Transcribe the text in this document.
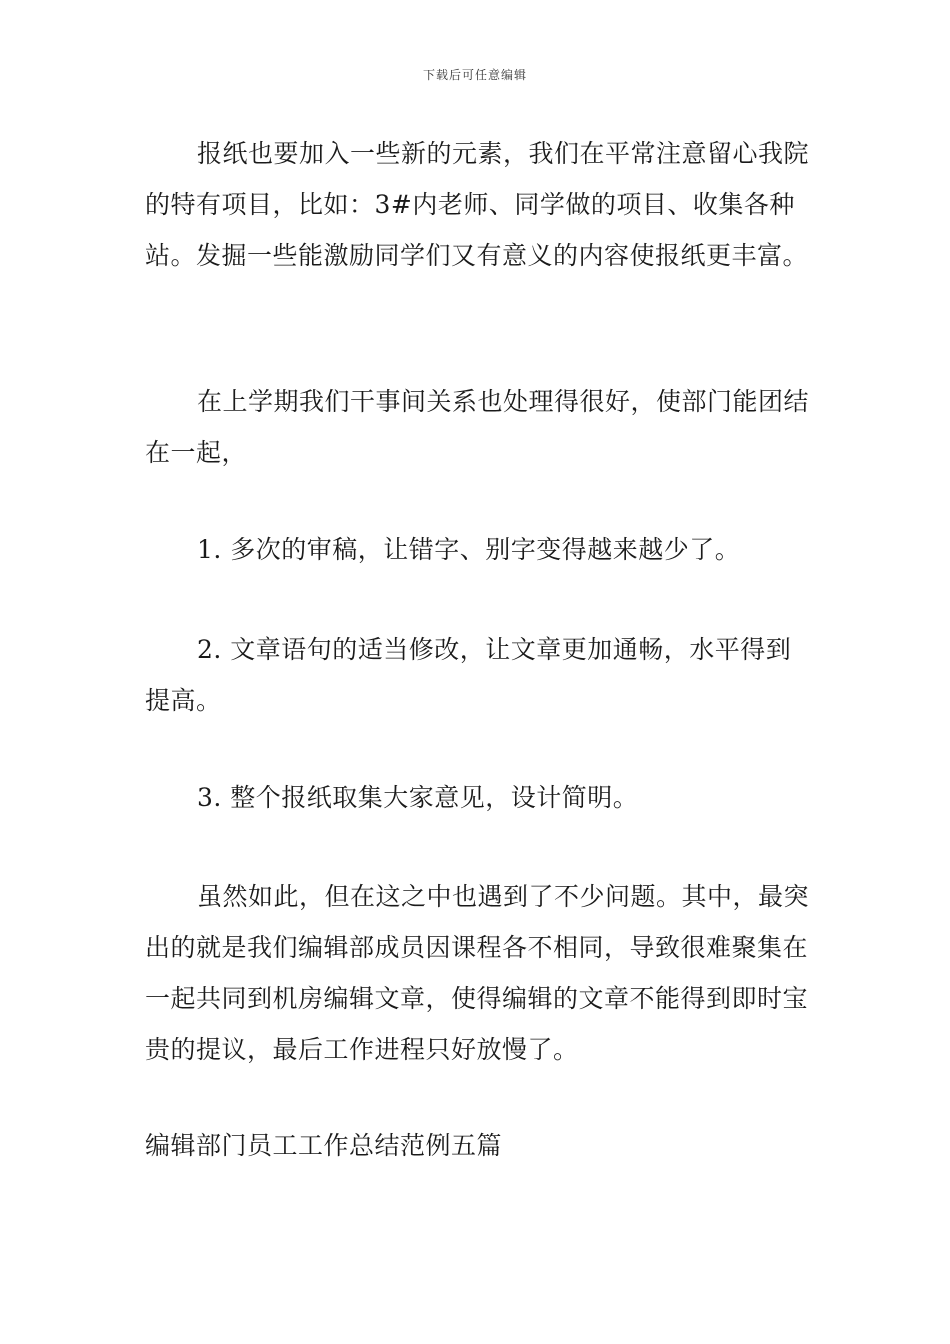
下载后可任意编辑

报纸也要加入一些新的元素，我们在平常注意留心我院的特有项目，比如：3#内老师、同学做的项目、收集各种站。发掘一些能激励同学们又有意义的内容使报纸更丰富。

在上学期我们干事间关系也处理得很好，使部门能团结在一起，

1. 多次的审稿，让错字、别字变得越来越少了。

2. 文章语句的适当修改，让文章更加通畅，水平得到提高。

3. 整个报纸取集大家意见，设计简明。

虽然如此，但在这之中也遇到了不少问题。其中，最突出的就是我们编辑部成员因课程各不相同，导致很难聚集在一起共同到机房编辑文章，使得编辑的文章不能得到即时宝贵的提议，最后工作进程只好放慢了。

编辑部门员工工作总结范例五篇
